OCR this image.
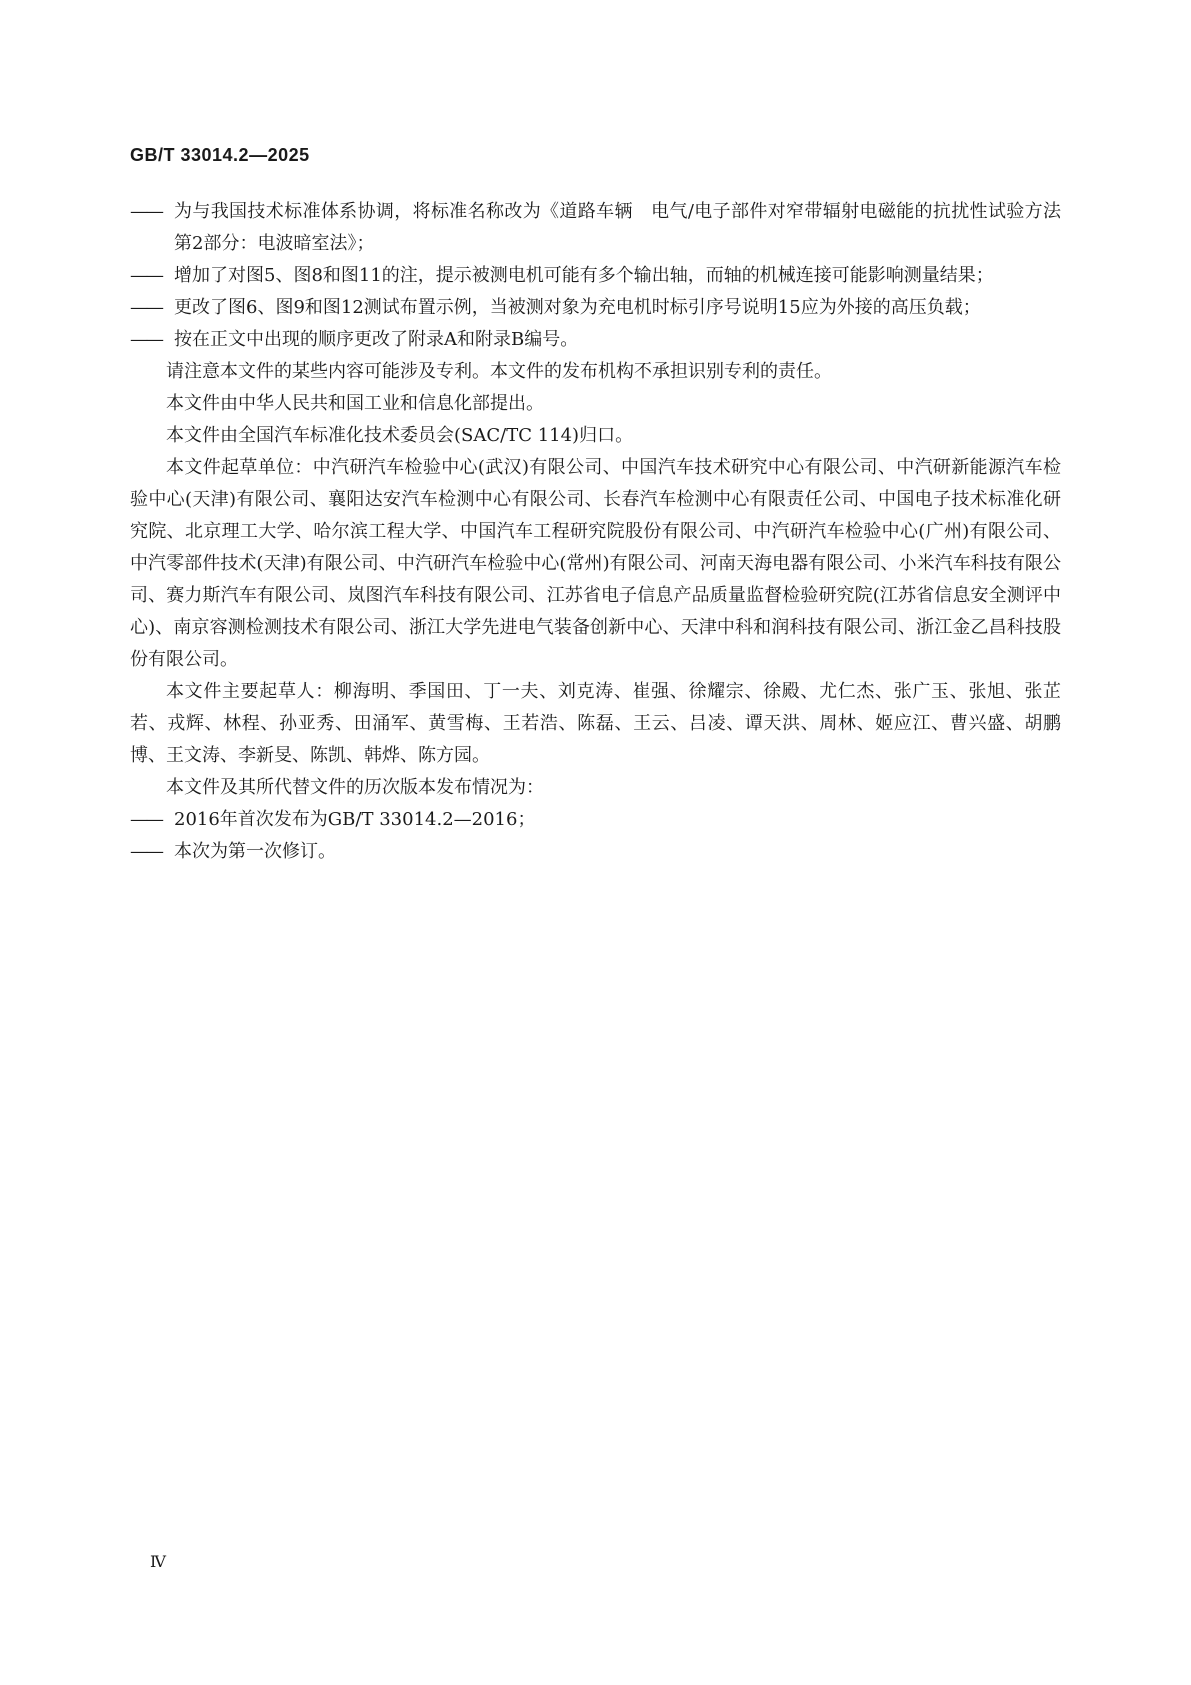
GB/T 33014.2—2025
—— 为与我国技术标准体系协调，将标准名称改为《道路车辆　电气/电子部件对窄带辐射电磁能的抗扰性试验方法　第2部分：电波暗室法》；
—— 增加了对图5、图8和图11的注，提示被测电机可能有多个输出轴，而轴的机械连接可能影响测量结果；
—— 更改了图6、图9和图12测试布置示例，当被测对象为充电机时标引序号说明15应为外接的高压负载；
—— 按在正文中出现的顺序更改了附录A和附录B编号。
请注意本文件的某些内容可能涉及专利。本文件的发布机构不承担识别专利的责任。
本文件由中华人民共和国工业和信息化部提出。
本文件由全国汽车标准化技术委员会(SAC/TC 114)归口。
本文件起草单位：中汽研汽车检验中心(武汉)有限公司、中国汽车技术研究中心有限公司、中汽研新能源汽车检验中心(天津)有限公司、襄阳达安汽车检测中心有限公司、长春汽车检测中心有限责任公司、中国电子技术标准化研究院、北京理工大学、哈尔滨工程大学、中国汽车工程研究院股份有限公司、中汽研汽车检验中心(广州)有限公司、中汽零部件技术(天津)有限公司、中汽研汽车检验中心(常州)有限公司、河南天海电器有限公司、小米汽车科技有限公司、赛力斯汽车有限公司、岚图汽车科技有限公司、江苏省电子信息产品质量监督检验研究院(江苏省信息安全测评中心)、南京容测检测技术有限公司、浙江大学先进电气装备创新中心、天津中科和润科技有限公司、浙江金乙昌科技股份有限公司。
本文件主要起草人：柳海明、季国田、丁一夫、刘克涛、崔强、徐耀宗、徐殿、尤仁杰、张广玉、张旭、张芷若、戎辉、林程、孙亚秀、田涌军、黄雪梅、王若浩、陈磊、王云、吕凌、谭天洪、周林、姬应江、曹兴盛、胡鹏博、王文涛、李新旻、陈凯、韩烨、陈方园。
本文件及其所代替文件的历次版本发布情况为：
—— 2016年首次发布为GB/T 33014.2—2016；
—— 本次为第一次修订。
Ⅳ
